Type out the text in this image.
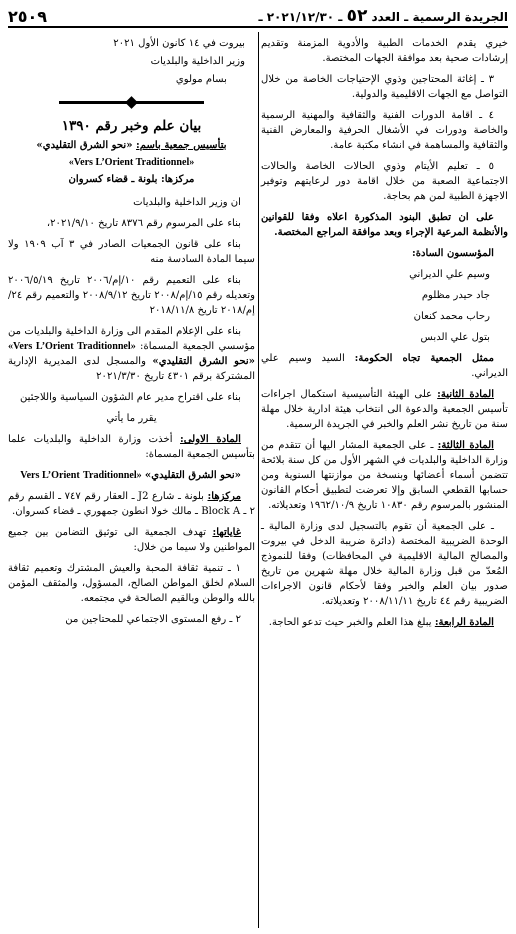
الجريدة الرسمية ـ العدد ٥٢ ـ ٢٠٢١/١٢/٣٠ ـ
٢٥٠٩

خيري يقدم الخدمات الطبية والأدوية المزمنة وتقديم إرشادات صحية بعد موافقة الجهات المختصة.

٣ ـ إغاثة المحتاجين وذوي الإحتياجات الخاصة من خلال التواصل مع الجهات الاقليمية والدولية.

٤ ـ اقامة الدورات الفنية والثقافية والمهنية الرسمية والخاصة ودورات في الأشغال الحرفية والمعارض الفنية والثقافية والمساهمة في انشاء مكتبة عامة.

٥ ـ تعليم الأيتام وذوي الحالات الخاصة والحالات الاجتماعية الصعبة من خلال اقامة دور لرعايتهم وتوفير الاجهزة الطبية لمن هم بحاجة.

على ان تطبق البنود المذكورة اعلاه وفقا للقوانين والأنظمة المرعية الإجراء وبعد موافقة المراجع المختصة.

المؤسسون السادة:

وسيم علي الديراني
جاد حيدر مظلوم
رحاب محمد كنعان
بتول علي الدبس

ممثل الجمعية تجاه الحكومة: السيد وسيم علي الديراني.

المادة الثانية: على الهيئة التأسيسية استكمال اجراءات تأسيس الجمعية والدعوة الى انتخاب هيئة ادارية خلال مهلة سنة من تاريخ نشر العلم والخبر في الجريدة الرسمية.

المادة الثالثة: ـ على الجمعية المشار اليها أن تتقدم من وزارة الداخلية والبلديات في الشهر الأول من كل سنة بلائحة تتضمن أسماء أعضائها وبنسخة من موازنتها السنوية ومن حسابها القطعي السابق وإلا تعرضت لتطبيق أحكام القانون المنشور بالمرسوم رقم ١٠٨٣٠ تاريخ ١٩٦٢/١٠/٩ وتعديلاته.

ـ على الجمعية أن تقوم بالتسجيل لدى وزارة المالية ـ الوحدة الضريبية المختصة (دائرة ضريبة الدخل في بيروت والمصالح المالية الاقليمية في المحافظات) وفقا للنموذج المُعدّ من قبل وزارة المالية خلال مهلة شهرين من تاريخ صدور بيان العلم والخبر وفقا لأحكام قانون الاجراءات الضريبية رقم ٤٤ تاريخ ٢٠٠٨/١١/١١ وتعديلاته.

المادة الرابعة: يبلغ هذا العلم والخبر حيث تدعو الحاجة.

بيروت في ١٤ كانون الأول ٢٠٢١
وزير الداخلية والبلديات
بسام مولوي
بيان علم وخبر رقم ١٣٩٠

بتأسيس جمعية باسم: «نحو الشرق التقليدي»

«Vers L’Orient Traditionnel»

مركزها: بلونة ـ قضاء كسروان

ان وزير الداخلية والبلديات

بناء على المرسوم رقم ٨٣٧٦ تاريخ ٢٠٢١/٩/١٠،

بناء على قانون الجمعيات الصادر في ٣ آب ١٩٠٩ ولا سيما المادة السادسة منه

بناء على التعميم رقم ١٠/إم/٢٠٠٦ تاريخ ٢٠٠٦/٥/١٩ وتعديله رقم ١٥/إم/٢٠٠٨ تاريخ ٢٠٠٨/٩/١٢ والتعميم رقم ٢٤/إم/٢٠١٨ تاريخ ٢٠١٨/١١/٨

بناء على الإعلام المقدم الى وزارة الداخلية والبلديات من مؤسسي الجمعية المسماة: «Vers L’Orient Traditionnel» «نحو الشرق التقليدي» والمسجل لدى المديرية الإدارية المشتركة برقم ٤٣٠١ تاريخ ٢٠٢١/٣/٣٠

بناء على اقتراح مدير عام الشؤون السياسية واللاجئين

يقرر ما يأتي

المادة الاولى: أخذت وزارة الداخلية والبلديات علما بتأسيس الجمعية المسماة:

«نحو الشرق التقليدي» Vers L’Orient Traditionnel»

مركزها: بلونة ـ شارع J2 ـ العقار رقم ٧٤٧ ـ القسم رقم ٢ ـ Block A ـ مالك خولا انطون جمهوري ـ قضاء كسروان.

غاياتها: تهدف الجمعية الى توثيق التضامن بين جميع المواطنين ولا سيما من خلال:

١ ـ تنمية ثقافة المحبة والعيش المشترك وتعميم ثقافة السلام لخلق المواطن الصالح، المسؤول، والمثقف المؤمن بالله والوطن وبالقيم الصالحة في مجتمعه.

٢ ـ رفع المستوى الاجتماعي للمحتاجين من
